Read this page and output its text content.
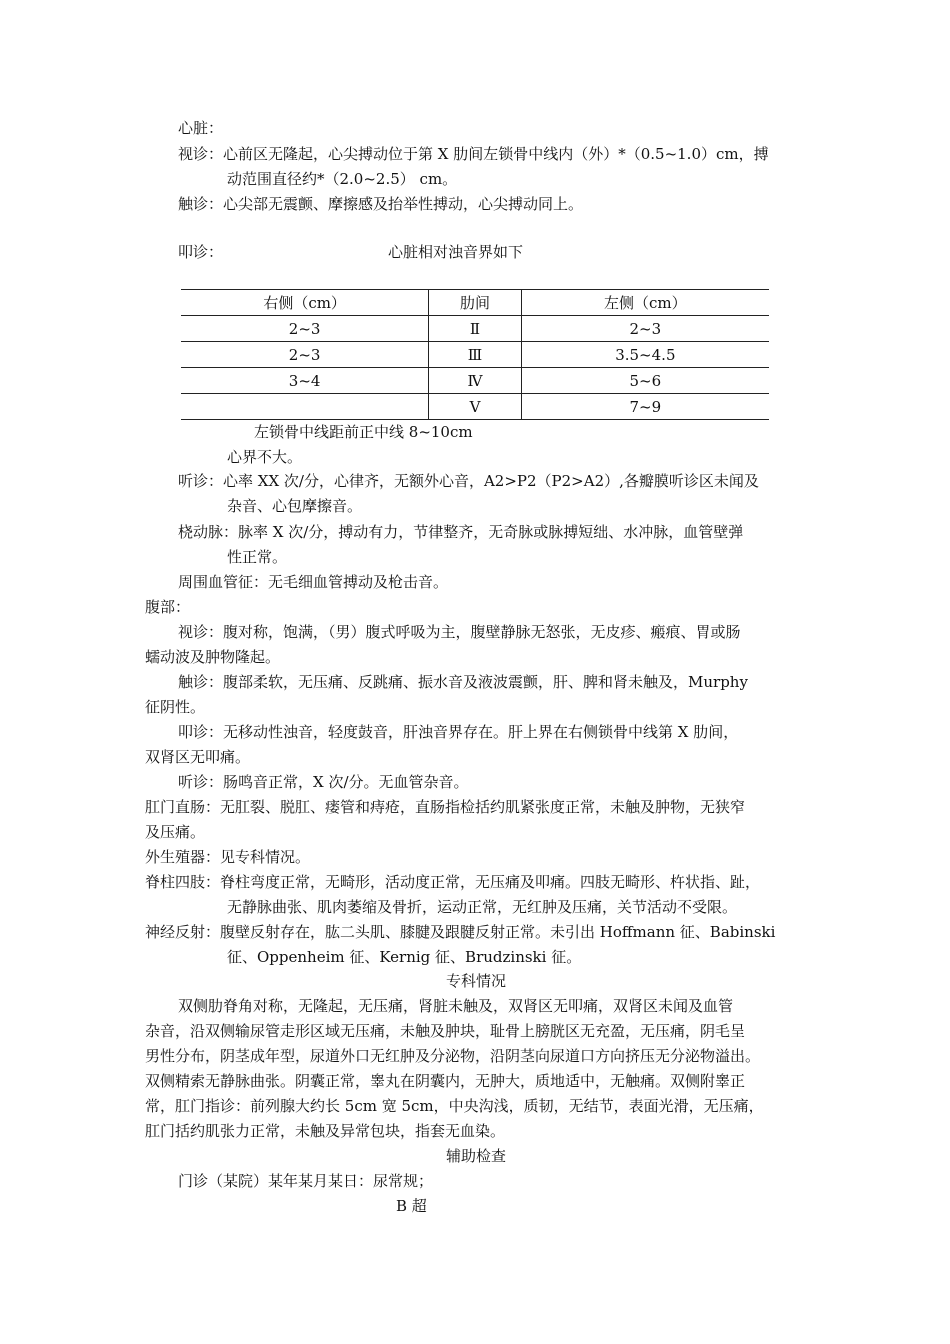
心脏：
视诊：心前区无隆起，心尖搏动位于第 X 肋间左锁骨中线内（外）*（0.5~1.0）cm，搏
动范围直径约*（2.0~2.5） cm。
触诊：心尖部无震颤、摩擦感及抬举性搏动，心尖搏动同上。
叩诊：	心脏相对浊音界如下
右侧（cm）	肋间	左侧（cm）
2~3	Ⅱ	2~3
2~3	Ⅲ	3.5~4.5
3~4	Ⅳ	5~6
	Ⅴ	7~9
左锁骨中线距前正中线 8~10cm
心界不大。
听诊：心率 XX 次/分，心律齐，无额外心音，A2>P2（P2>A2）,各瓣膜听诊区未闻及
杂音、心包摩擦音。
桡动脉：脉率 X 次/分，搏动有力，节律整齐，无奇脉或脉搏短绌、水冲脉，血管壁弹
性正常。
周围血管征：无毛细血管搏动及枪击音。
腹部：
视诊：腹对称，饱满，（男）腹式呼吸为主，腹壁静脉无怒张，无皮疹、瘢痕、胃或肠
蠕动波及肿物隆起。
触诊：腹部柔软，无压痛、反跳痛、振水音及液波震颤，肝、脾和肾未触及，Murphy
征阴性。
叩诊：无移动性浊音，轻度鼓音，肝浊音界存在。肝上界在右侧锁骨中线第 X 肋间，
双肾区无叩痛。
听诊：肠鸣音正常，X 次/分。无血管杂音。
肛门直肠：无肛裂、脱肛、瘘管和痔疮，直肠指检括约肌紧张度正常，未触及肿物，无狭窄
及压痛。
外生殖器：见专科情况。
脊柱四肢：脊柱弯度正常，无畸形，活动度正常，无压痛及叩痛。四肢无畸形、杵状指、趾，
无静脉曲张、肌肉萎缩及骨折，运动正常，无红肿及压痛，关节活动不受限。
神经反射：腹壁反射存在，肱二头肌、膝腱及跟腱反射正常。未引出 Hoffmann 征、Babinski
征、Oppenheim 征、Kernig 征、Brudzinski 征。
专科情况
双侧肋脊角对称，无隆起，无压痛，肾脏未触及，双肾区无叩痛，双肾区未闻及血管
杂音，沿双侧输尿管走形区域无压痛，未触及肿块，耻骨上膀胱区无充盈，无压痛，阴毛呈
男性分布，阴茎成年型，尿道外口无红肿及分泌物，沿阴茎向尿道口方向挤压无分泌物溢出。
双侧精索无静脉曲张。阴囊正常，睾丸在阴囊内，无肿大，质地适中，无触痛。双侧附睾正
常，肛门指诊：前列腺大约长 5cm 宽 5cm，中央沟浅，质韧，无结节，表面光滑，无压痛，
肛门括约肌张力正常，未触及异常包块，指套无血染。
辅助检查
门诊（某院）某年某月某日：尿常规；
B 超
